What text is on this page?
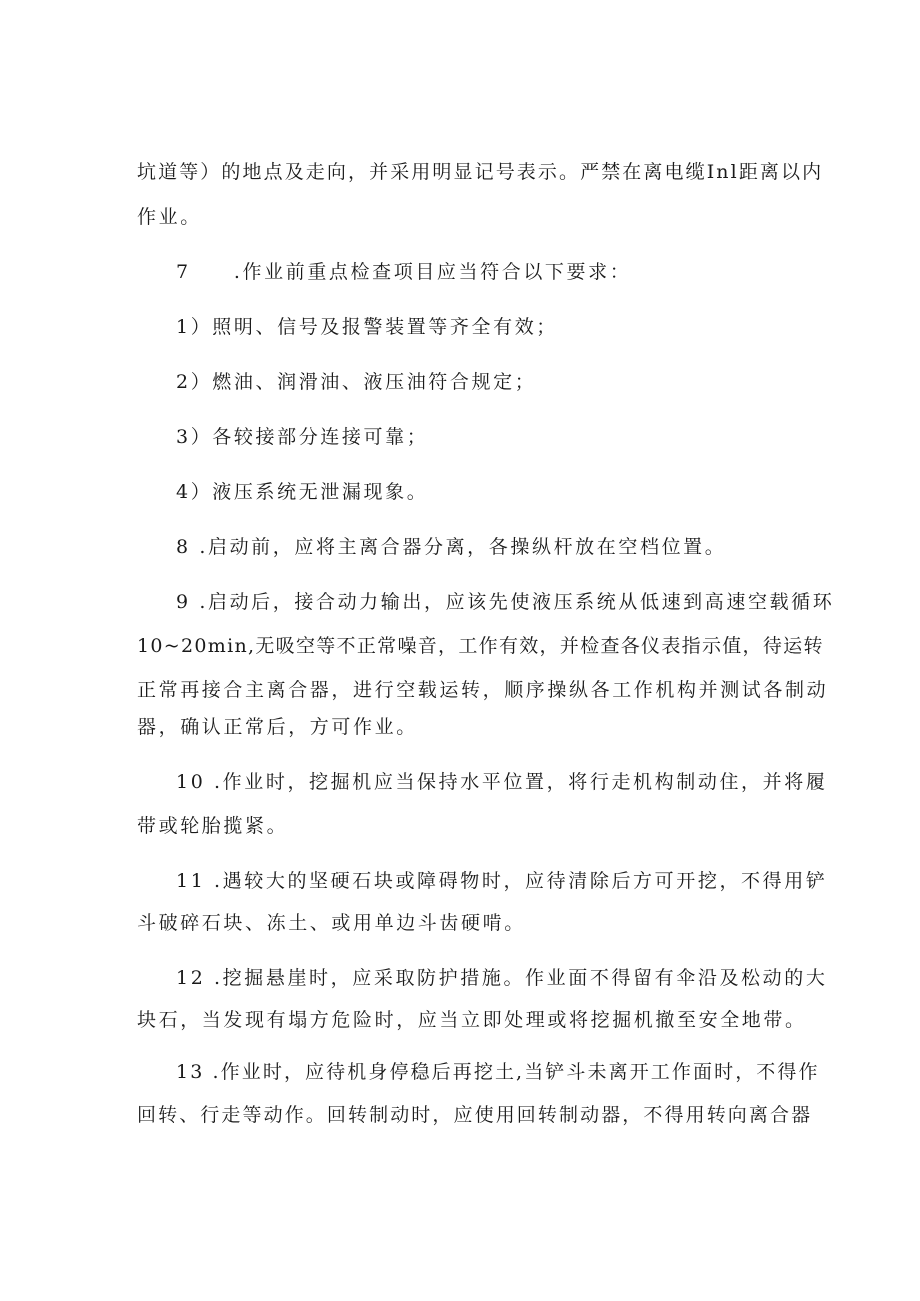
坑道等）的地点及走向，并采用明显记号表示。严禁在离电缆Inl距离以内
作业。
7　　.作业前重点检查项目应当符合以下要求：
1）照明、信号及报警装置等齐全有效；
2）燃油、润滑油、液压油符合规定；
3）各较接部分连接可靠；
4）液压系统无泄漏现象。
8 .启动前，应将主离合器分离，各操纵杆放在空档位置。
9 .启动后，接合动力输出，应该先使液压系统从低速到高速空载循环
10~20min,无吸空等不正常噪音，工作有效，并检查各仪表指示值，待运转
正常再接合主离合器，进行空载运转，顺序操纵各工作机构并测试各制动
器，确认正常后，方可作业。
10 .作业时，挖掘机应当保持水平位置，将行走机构制动住，并将履
带或轮胎揽紧。
11 .遇较大的坚硬石块或障碍物时，应待清除后方可开挖，不得用铲
斗破碎石块、冻土、或用单边斗齿硬啃。
12 .挖掘悬崖时，应采取防护措施。作业面不得留有伞沿及松动的大
块石，当发现有塌方危险时，应当立即处理或将挖掘机撤至安全地带。
13 .作业时，应待机身停稳后再挖土,当铲斗未离开工作面时，不得作
回转、行走等动作。回转制动时，应使用回转制动器，不得用转向离合器
